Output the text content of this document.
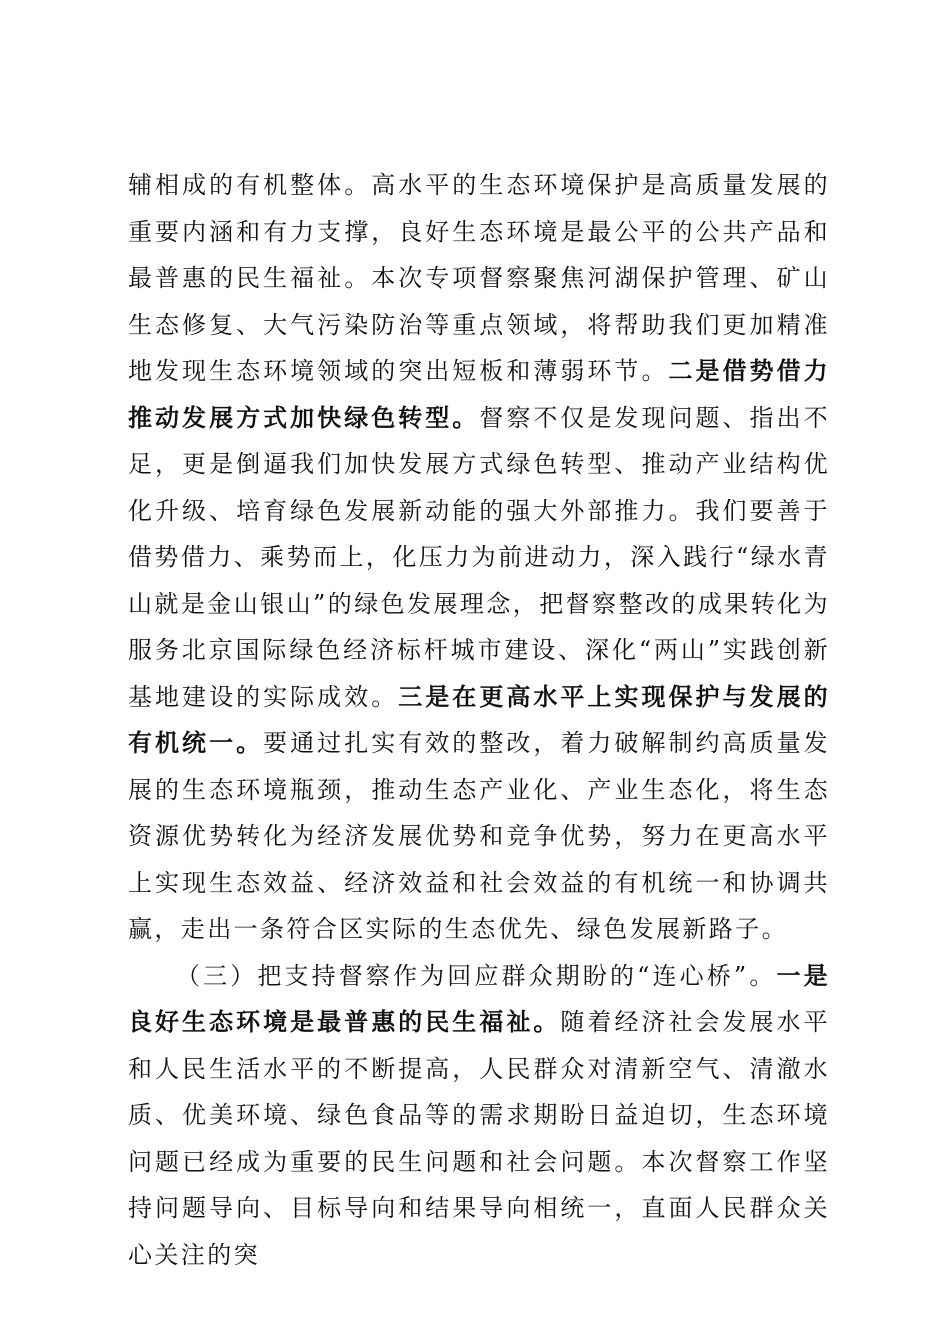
辅相成的有机整体。高水平的生态环境保护是高质量发展的重要内涵和有力支撑，良好生态环境是最公平的公共产品和最普惠的民生福祉。本次专项督察聚焦河湖保护管理、矿山生态修复、大气污染防治等重点领域，将帮助我们更加精准地发现生态环境领域的突出短板和薄弱环节。二是借势借力推动发展方式加快绿色转型。督察不仅是发现问题、指出不足，更是倒逼我们加快发展方式绿色转型、推动产业结构优化升级、培育绿色发展新动能的强大外部推力。我们要善于借势借力、乘势而上，化压力为前进动力，深入践行“绿水青山就是金山银山”的绿色发展理念，把督察整改的成果转化为服务北京国际绿色经济标杆城市建设、深化“两山”实践创新基地建设的实际成效。三是在更高水平上实现保护与发展的有机统一。要通过扎实有效的整改，着力破解制约高质量发展的生态环境瓶颈，推动生态产业化、产业生态化，将生态资源优势转化为经济发展优势和竞争优势，努力在更高水平上实现生态效益、经济效益和社会效益的有机统一和协调共赢，走出一条符合区实际的生态优先、绿色发展新路子。

（三）把支持督察作为回应群众期盼的“连心桥”。一是良好生态环境是最普惠的民生福祉。随着经济社会发展水平和人民生活水平的不断提高，人民群众对清新空气、清澈水质、优美环境、绿色食品等的需求期盼日益迫切，生态环境问题已经成为重要的民生问题和社会问题。本次督察工作坚持问题导向、目标导向和结果导向相统一，直面人民群众关心关注的突
